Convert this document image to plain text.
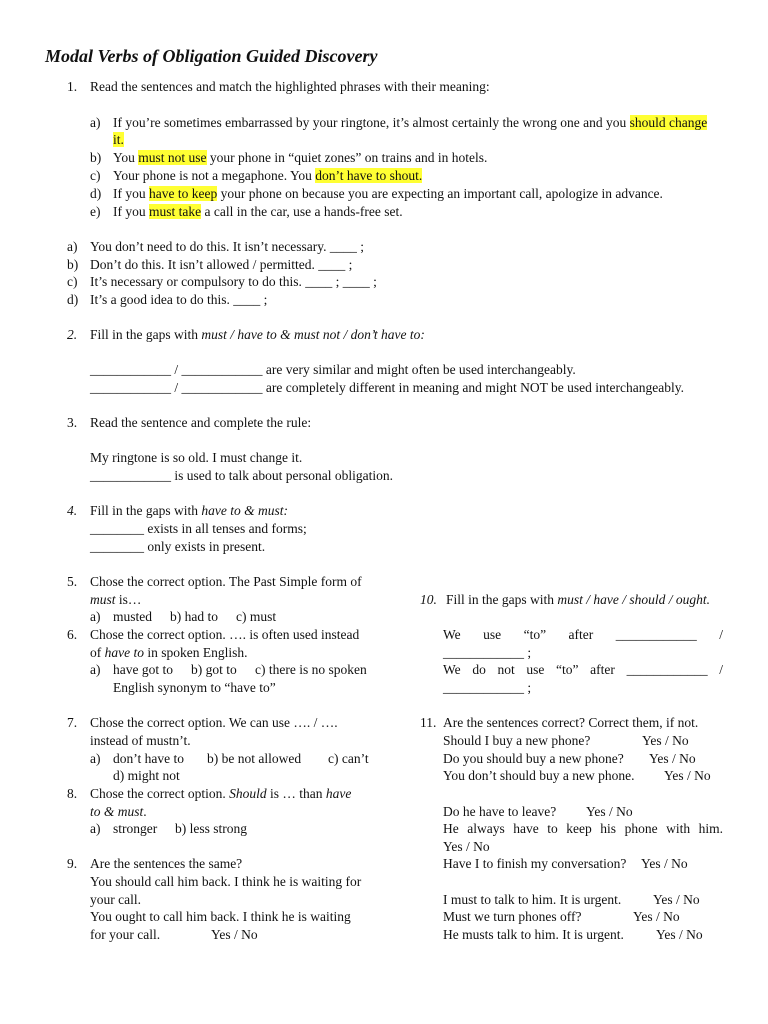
Modal Verbs of Obligation Guided Discovery
1. Read the sentences and match the highlighted phrases with their meaning:
a) If you’re sometimes embarrassed by your ringtone, it’s almost certainly the wrong one and you should change
it.
b) You must not use your phone in “quiet zones” on trains and in hotels.
c) Your phone is not a megaphone. You don’t have to shout.
d) If you have to keep your phone on because you are expecting an important call, apologize in advance.
e) If you must take a call in the car, use a hands-free set.
a) You don’t need to do this. It isn’t necessary. ____ ;
b) Don’t do this. It isn’t allowed / permitted. ____ ;
c) It’s necessary or compulsory to do this. ____ ; ____ ;
d) It’s a good idea to do this. ____ ;
2. Fill in the gaps with must / have to & must not / don’t have to:
____________ / ____________ are very similar and might often be used interchangeably.
____________ / ____________ are completely different in meaning and might NOT be used interchangeably.
3. Read the sentence and complete the rule:
My ringtone is so old. I must change it.
____________ is used to talk about personal obligation.
4. Fill in the gaps with have to & must:
________ exists in all tenses and forms;
________ only exists in present.
5. Chose the correct option. The Past Simple form of
must is…
a) musted b) had to c) must
6. Chose the correct option. …. is often used instead
of have to in spoken English.
a) have got to b) got to c) there is no spoken
English synonym to “have to”
7. Chose the correct option. We can use …. / ….
instead of mustn’t.
a) don’t have to b) be not allowed c) can’t
d) might not
8. Chose the correct option. Should is … than have
to & must.
a) stronger b) less strong
9. Are the sentences the same?
You should call him back. I think he is waiting for
your call.
You ought to call him back. I think he is waiting
for your call.	Yes / No
10. Fill in the gaps with must / have / should / ought.
We use “to” after ____________ /
____________ ;
We do not use “to” after ____________ /
____________ ;
11. Are the sentences correct? Correct them, if not.
Should I buy a new phone?	Yes / No
Do you should buy a new phone? Yes / No
You don’t should buy a new phone. Yes / No
Do he have to leave? Yes / No
He always have to keep his phone with him.
Yes / No
Have I to finish my conversation? Yes / No
I must to talk to him. It is urgent. Yes / No
Must we turn phones off?	Yes / No
He musts talk to him. It is urgent. Yes / No
